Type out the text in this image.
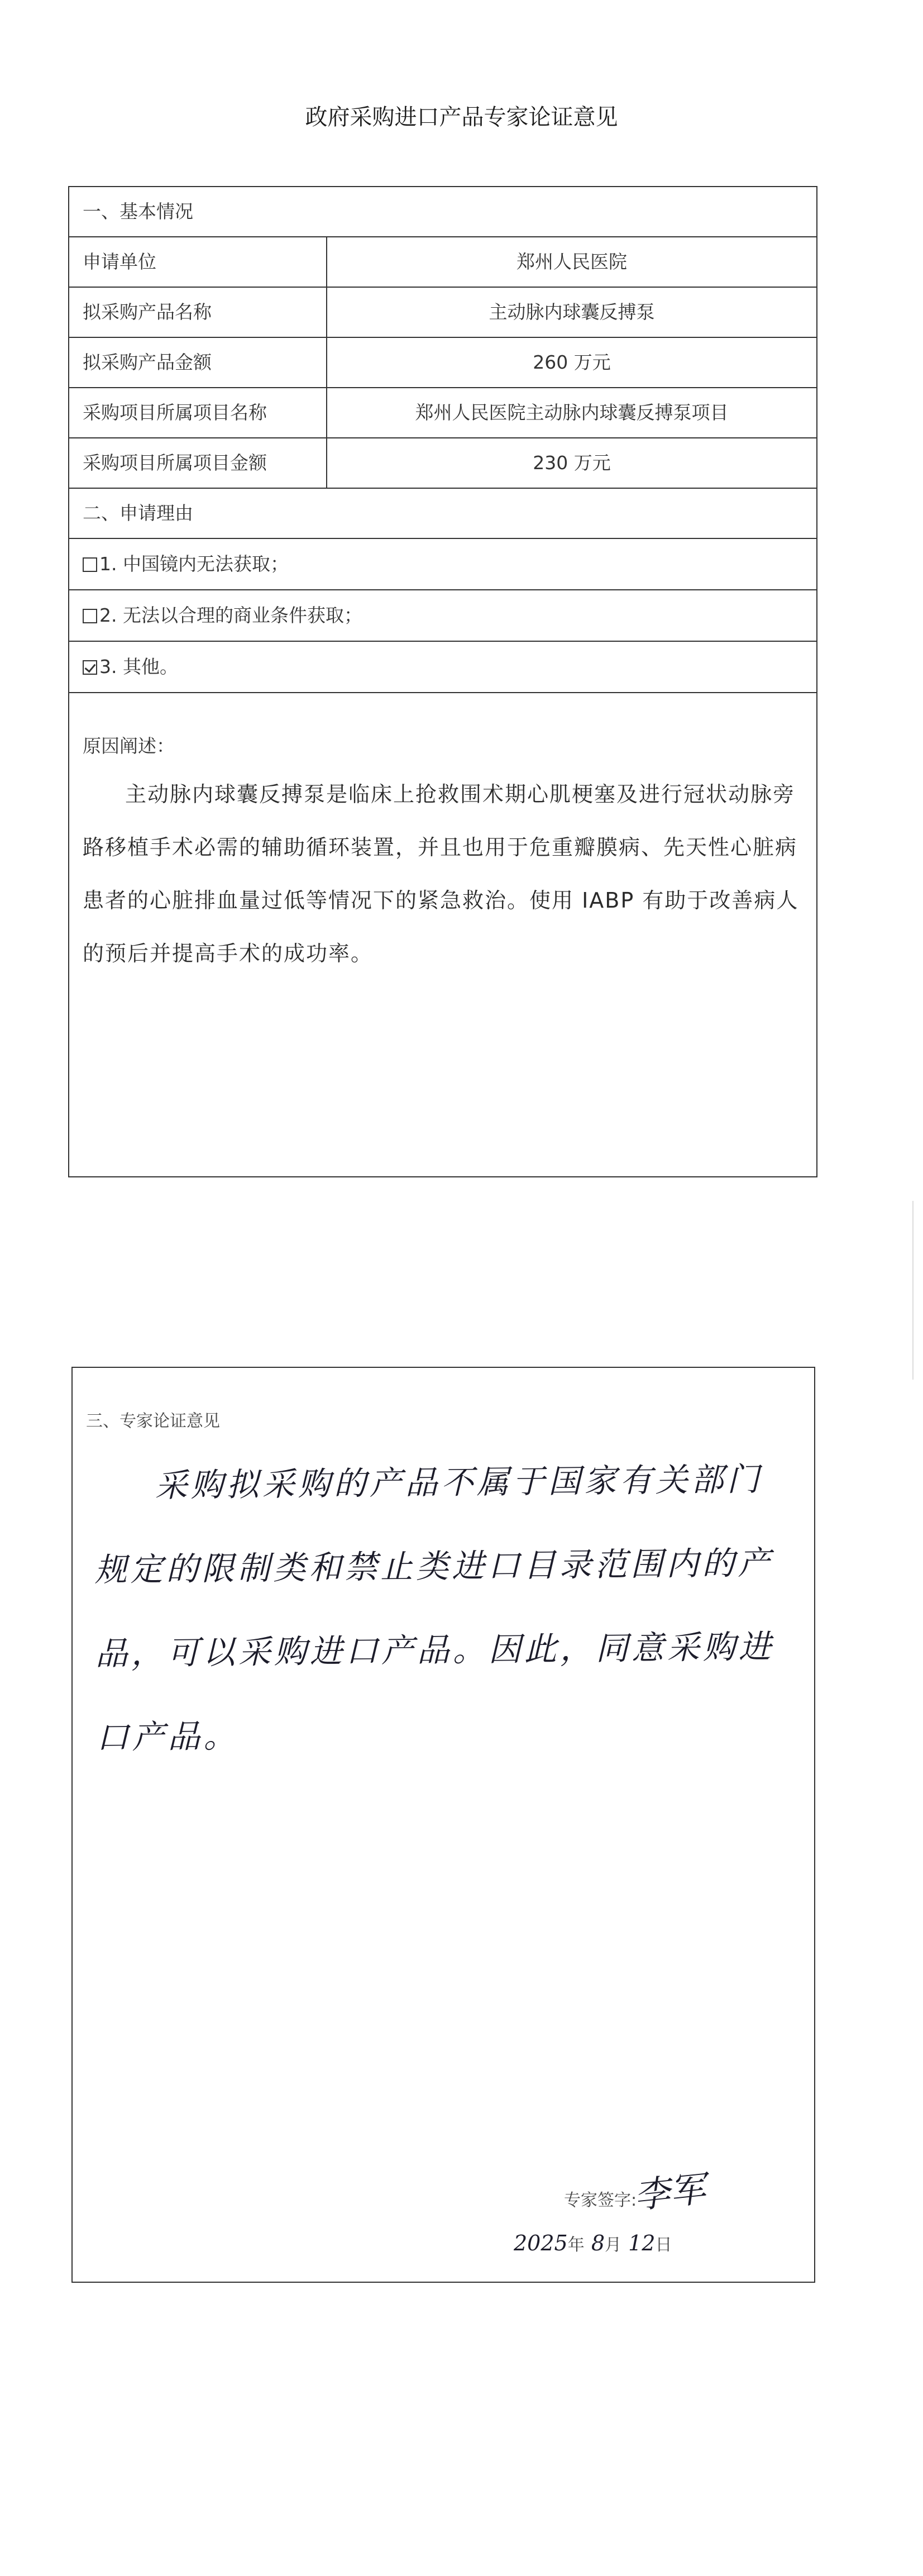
政府采购进口产品专家论证意见
一、基本情况
申请单位	郑州人民医院
拟采购产品名称	主动脉内球囊反搏泵
拟采购产品金额	260 万元
采购项目所属项目名称	郑州人民医院主动脉内球囊反搏泵项目
采购项目所属项目金额	230 万元
二、申请理由
1. 中国镜内无法获取；
2. 无法以合理的商业条件获取；
3. 其他。
原因阐述：
主动脉内球囊反搏泵是临床上抢救围术期心肌梗塞及进行冠状动脉旁路移植手术必需的辅助循环装置，并且也用于危重瓣膜病、先天性心脏病患者的心脏排血量过低等情况下的紧急救治。使用 IABP 有助于改善病人的预后并提高手术的成功率。
三、专家论证意见
采购拟采购的产品不属于国家有关部门规定的限制类和禁止类进口目录范围内的产品，可以采购进口产品。因此，同意采购进口产品。
专家签字:
李军
2025年 8月 12日
